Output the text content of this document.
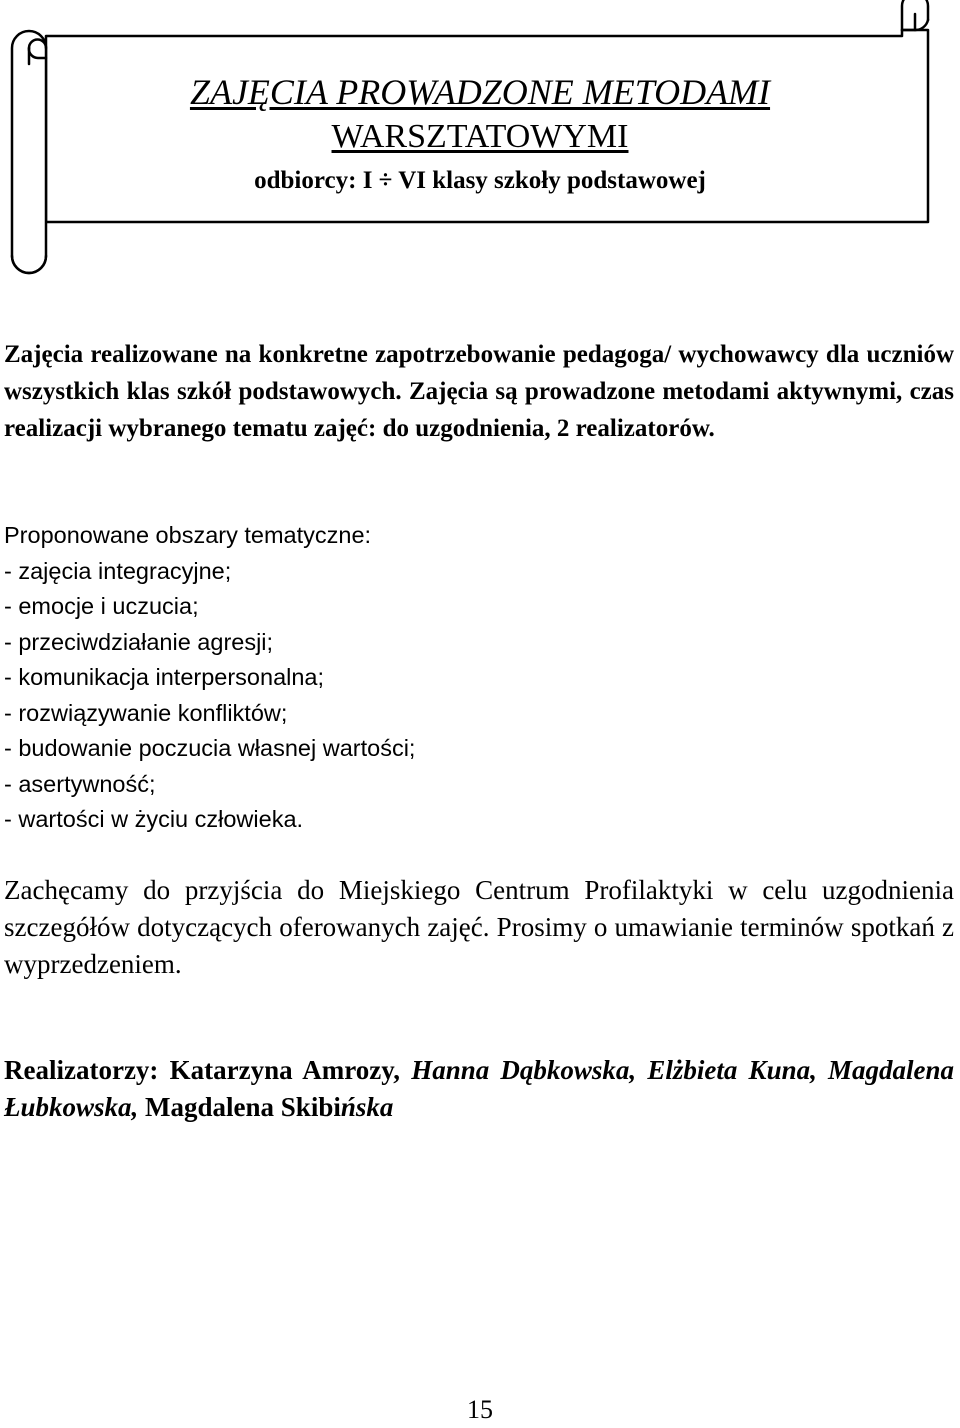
ZAJĘCIA PROWADZONE METODAMI
WARSZTATOWYMI
odbiorcy: I ÷ VI klasy szkoły podstawowej

Zajęcia realizowane na konkretne zapotrzebowanie pedagoga/ wychowawcy dla uczniów wszystkich klas szkół podstawowych. Zajęcia są prowadzone metodami aktywnymi, czas realizacji wybranego tematu zajęć: do uzgodnienia, 2 realizatorów.

Proponowane obszary tematyczne:
- zajęcia integracyjne;
- emocje i uczucia;
- przeciwdziałanie agresji;
- komunikacja interpersonalna;
- rozwiązywanie konfliktów;
- budowanie poczucia własnej wartości;
- asertywność;
- wartości w życiu człowieka.

Zachęcamy do przyjścia do Miejskiego Centrum Profilaktyki w celu uzgodnienia szczegółów dotyczących oferowanych zajęć. Prosimy o umawianie terminów spotkań z wyprzedzeniem.

Realizatorzy: Katarzyna Amrozy, Hanna Dąbkowska, Elżbieta Kuna, Magdalena Łubkowska, Magdalena Skibińska

15
